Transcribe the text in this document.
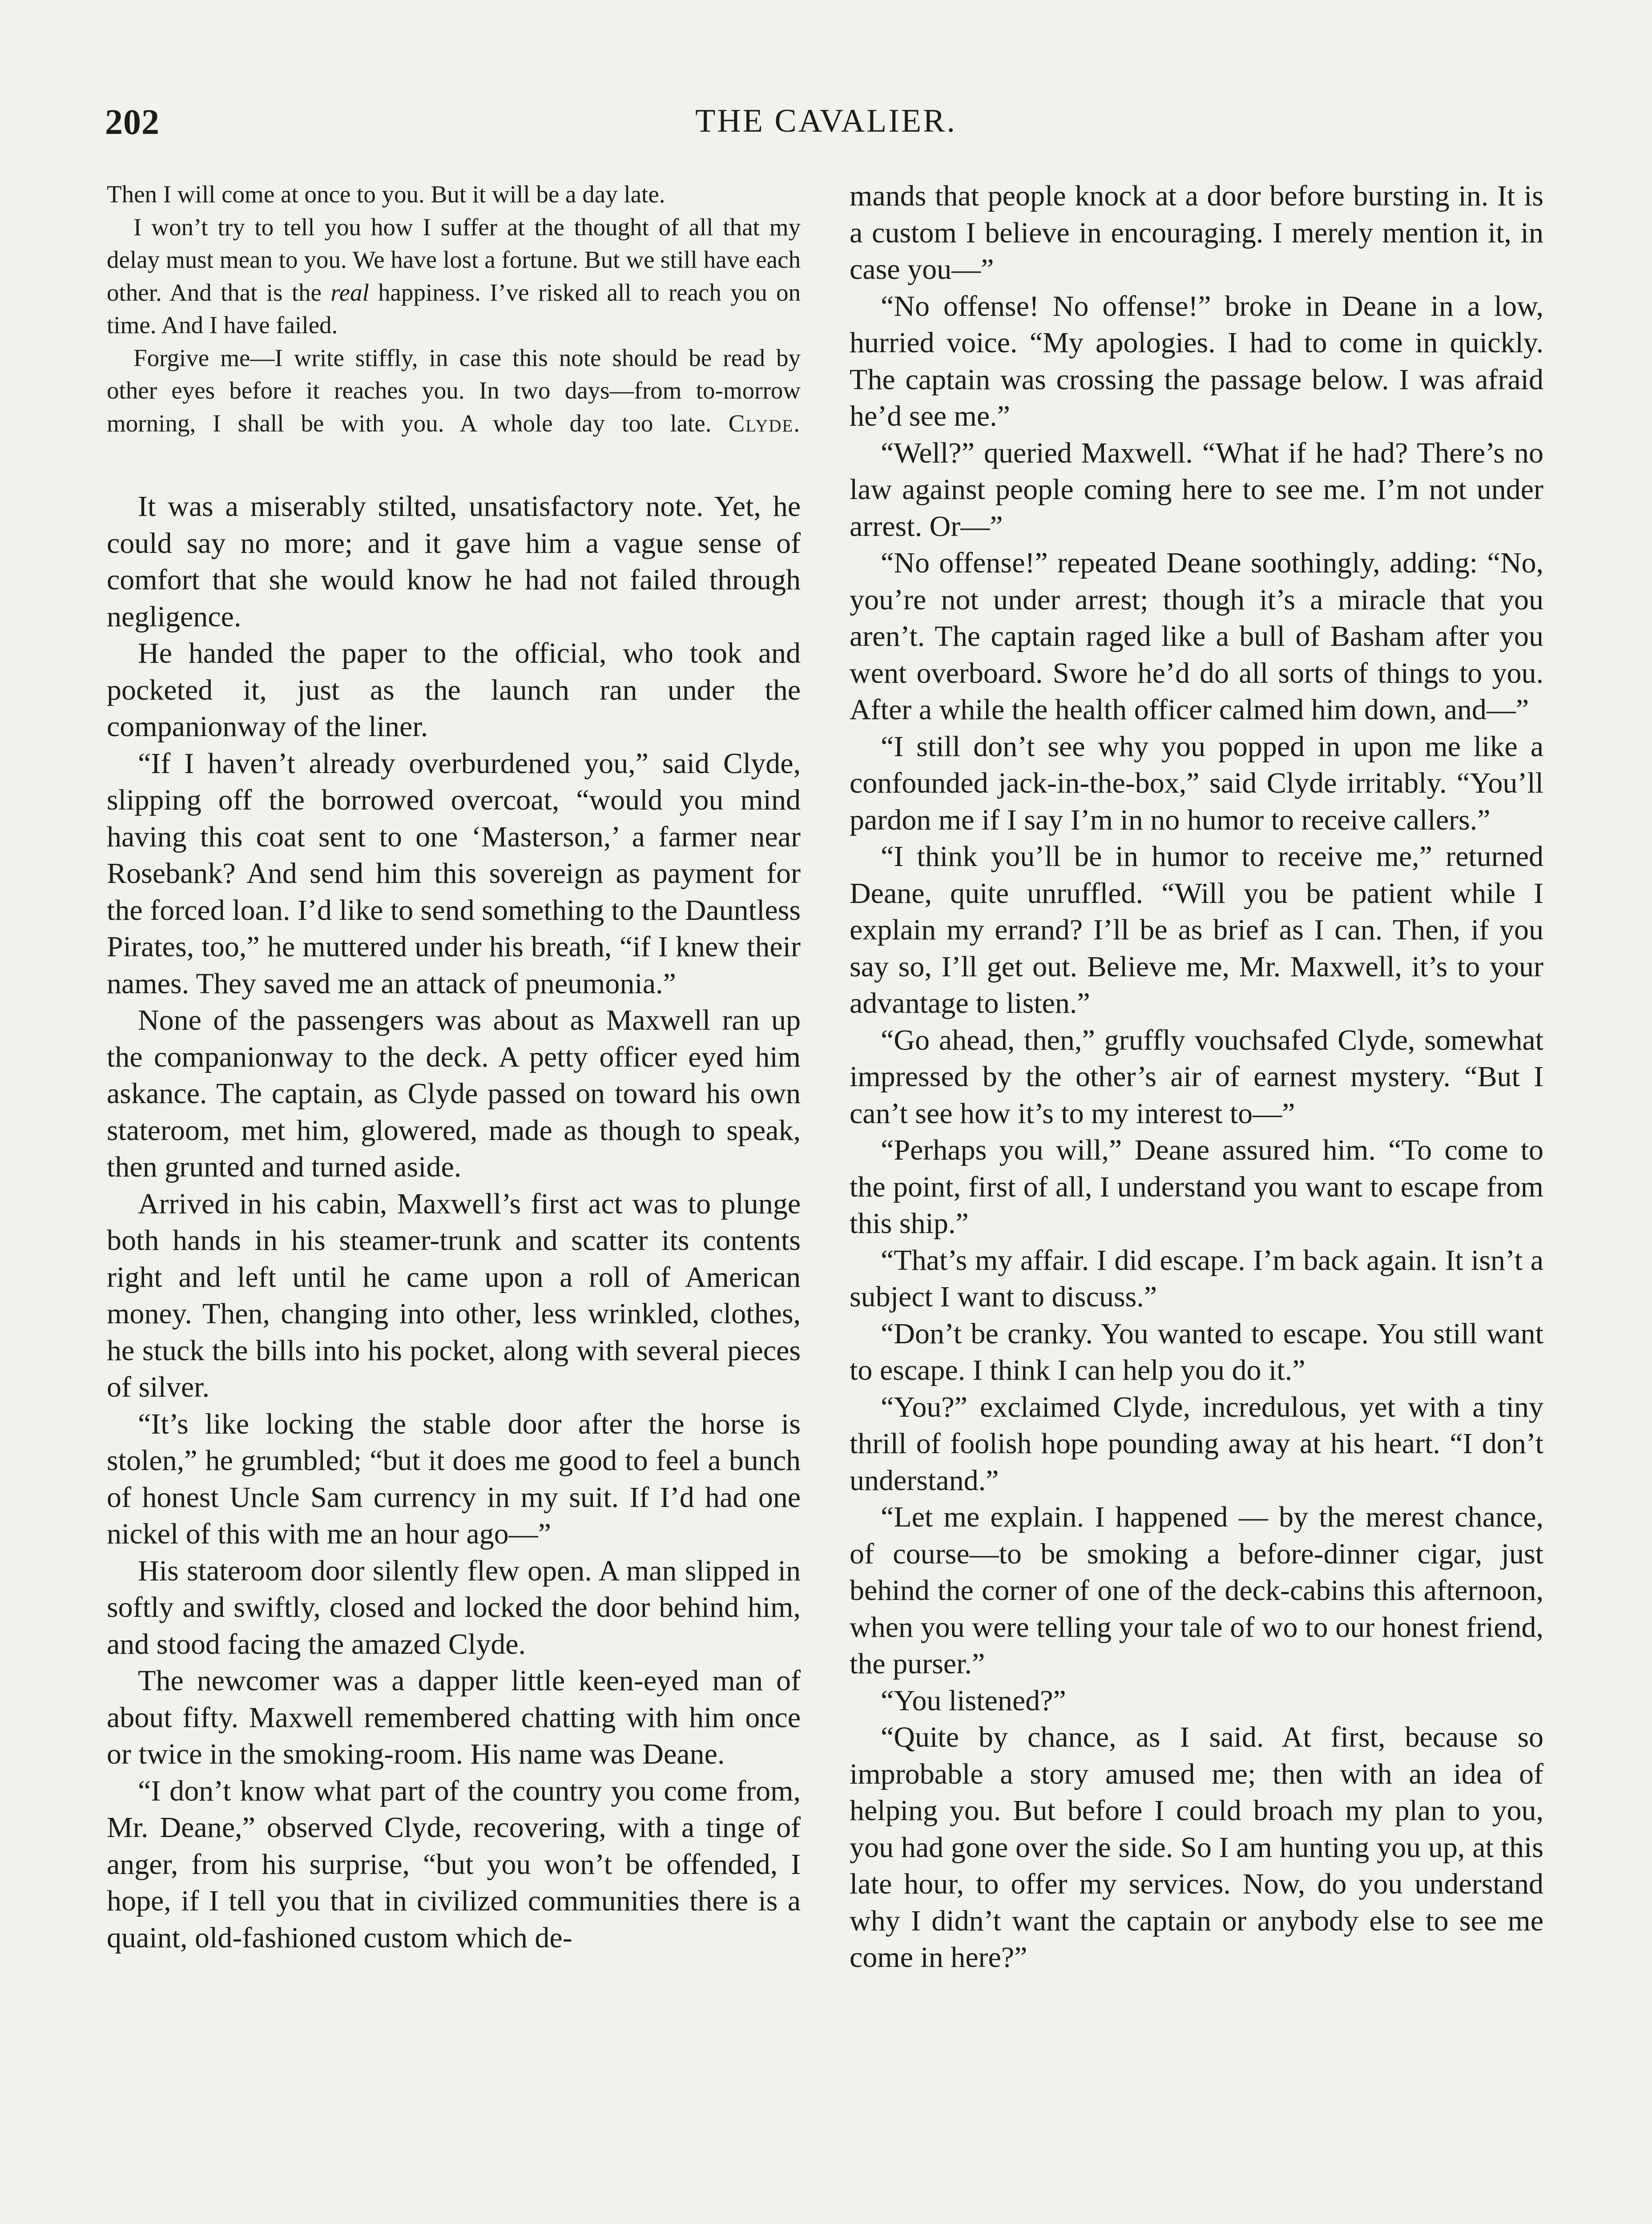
202	THE CAVALIER.

Then I will come at once to you. But it will be a day late.

I won’t try to tell you how I suffer at the thought of all that my delay must mean to you. We have lost a fortune. But we still have each other. And that is the real happiness. I’ve risked all to reach you on time. And I have failed.

Forgive me—I write stiffly, in case this note should be read by other eyes before it reaches you. In two days—from to-morrow morning, I shall be with you. A whole day too late. Clyde.

It was a miserably stilted, unsatisfactory note. Yet, he could say no more; and it gave him a vague sense of comfort that she would know he had not failed through negligence.

He handed the paper to the official, who took and pocketed it, just as the launch ran under the companionway of the liner.

“If I haven’t already overburdened you,” said Clyde, slipping off the borrowed overcoat, “would you mind having this coat sent to one ‘Masterson,’ a farmer near Rosebank? And send him this sovereign as payment for the forced loan. I’d like to send something to the Dauntless Pirates, too,” he muttered under his breath, “if I knew their names. They saved me an attack of pneumonia.”

None of the passengers was about as Maxwell ran up the companionway to the deck. A petty officer eyed him askance. The captain, as Clyde passed on toward his own stateroom, met him, glowered, made as though to speak, then grunted and turned aside.

Arrived in his cabin, Maxwell’s first act was to plunge both hands in his steamer-trunk and scatter its contents right and left until he came upon a roll of American money. Then, changing into other, less wrinkled, clothes, he stuck the bills into his pocket, along with several pieces of silver.

“It’s like locking the stable door after the horse is stolen,” he grumbled; “but it does me good to feel a bunch of honest Uncle Sam currency in my suit. If I’d had one nickel of this with me an hour ago—”

His stateroom door silently flew open. A man slipped in softly and swiftly, closed and locked the door behind him, and stood facing the amazed Clyde.

The newcomer was a dapper little keen-eyed man of about fifty. Maxwell remembered chatting with him once or twice in the smoking-room. His name was Deane.

“I don’t know what part of the country you come from, Mr. Deane,” observed Clyde, recovering, with a tinge of anger, from his surprise, “but you won’t be offended, I hope, if I tell you that in civilized communities there is a quaint, old-fashioned custom which de-

mands that people knock at a door before bursting in. It is a custom I believe in encouraging. I merely mention it, in case you—”

“No offense! No offense!” broke in Deane in a low, hurried voice. “My apologies. I had to come in quickly. The captain was crossing the passage below. I was afraid he’d see me.”

“Well?” queried Maxwell. “What if he had? There’s no law against people coming here to see me. I’m not under arrest. Or—”

“No offense!” repeated Deane soothingly, adding: “No, you’re not under arrest; though it’s a miracle that you aren’t. The captain raged like a bull of Basham after you went overboard. Swore he’d do all sorts of things to you. After a while the health officer calmed him down, and—”

“I still don’t see why you popped in upon me like a confounded jack-in-the-box,” said Clyde irritably. “You’ll pardon me if I say I’m in no humor to receive callers.”

“I think you’ll be in humor to receive me,” returned Deane, quite unruffled. “Will you be patient while I explain my errand? I’ll be as brief as I can. Then, if you say so, I’ll get out. Believe me, Mr. Maxwell, it’s to your advantage to listen.”

“Go ahead, then,” gruffly vouchsafed Clyde, somewhat impressed by the other’s air of earnest mystery. “But I can’t see how it’s to my interest to—”

“Perhaps you will,” Deane assured him. “To come to the point, first of all, I understand you want to escape from this ship.”

“That’s my affair. I did escape. I’m back again. It isn’t a subject I want to discuss.”

“Don’t be cranky. You wanted to escape. You still want to escape. I think I can help you do it.”

“You?” exclaimed Clyde, incredulous, yet with a tiny thrill of foolish hope pounding away at his heart. “I don’t understand.”

“Let me explain. I happened — by the merest chance, of course—to be smoking a before-dinner cigar, just behind the corner of one of the deck-cabins this afternoon, when you were telling your tale of wo to our honest friend, the purser.”

“You listened?”

“Quite by chance, as I said. At first, because so improbable a story amused me; then with an idea of helping you. But before I could broach my plan to you, you had gone over the side. So I am hunting you up, at this late hour, to offer my services. Now, do you understand why I didn’t want the captain or anybody else to see me come in here?”
